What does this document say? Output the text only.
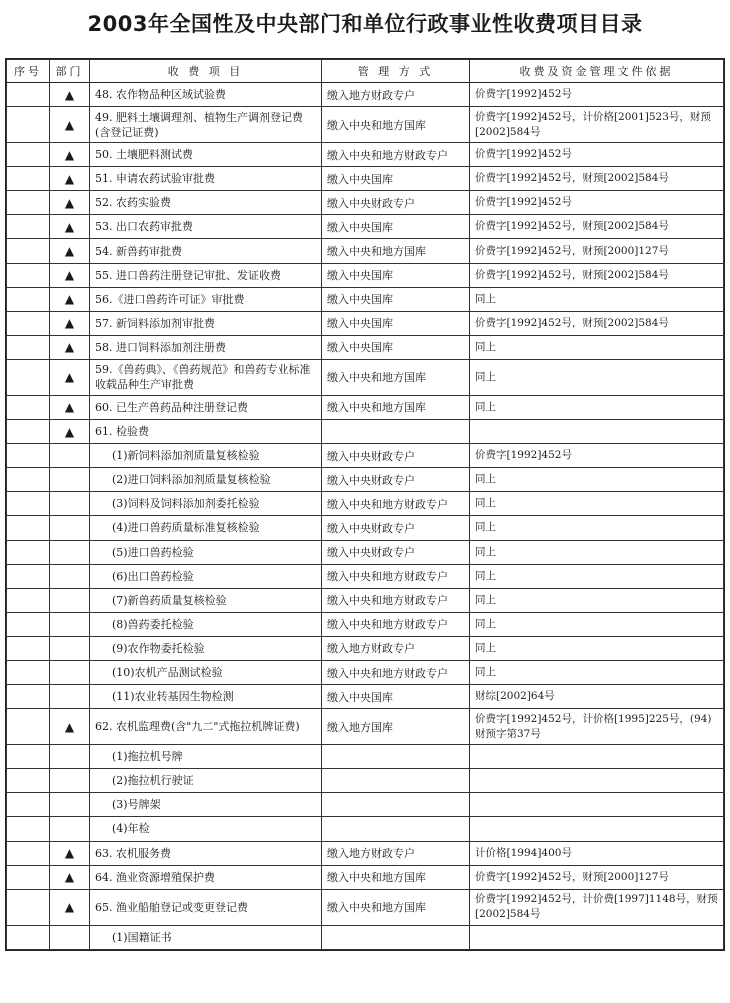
2003年全国性及中央部门和单位行政事业性收费项目目录
序号	部门	收 费 项 目	管 理 方 式	收费及资金管理文件依据
	▲	48. 农作物品种区域试验费	缴入地方财政专户	价费字[1992]452号
	▲	49. 肥料土壤调理剂、植物生产调剂登记费(含登记证费)	缴入中央和地方国库	价费字[1992]452号，计价格[2001]523号，财预[2002]584号
	▲	50. 土壤肥料测试费	缴入中央和地方财政专户	价费字[1992]452号
	▲	51. 申请农药试验审批费	缴入中央国库	价费字[1992]452号，财预[2002]584号
	▲	52. 农药实验费	缴入中央财政专户	价费字[1992]452号
	▲	53. 出口农药审批费	缴入中央国库	价费字[1992]452号，财预[2002]584号
	▲	54. 新兽药审批费	缴入中央和地方国库	价费字[1992]452号，财预[2000]127号
	▲	55. 进口兽药注册登记审批、发证收费	缴入中央国库	价费字[1992]452号，财预[2002]584号
	▲	56.《进口兽药许可证》审批费	缴入中央国库	同上
	▲	57. 新饲料添加剂审批费	缴入中央国库	价费字[1992]452号，财预[2002]584号
	▲	58. 进口饲料添加剂注册费	缴入中央国库	同上
	▲	59.《兽药典》、《兽药规范》和兽药专业标准收载品种生产审批费	缴入中央和地方国库	同上
	▲	60. 已生产兽药品种注册登记费	缴入中央和地方国库	同上
	▲	61. 检验费		
		(1)新饲料添加剂质量复核检验	缴入中央财政专户	价费字[1992]452号
		(2)进口饲料添加剂质量复核检验	缴入中央财政专户	同上
		(3)饲料及饲料添加剂委托检验	缴入中央和地方财政专户	同上
		(4)进口兽药质量标准复核检验	缴入中央财政专户	同上
		(5)进口兽药检验	缴入中央财政专户	同上
		(6)出口兽药检验	缴入中央和地方财政专户	同上
		(7)新兽药质量复核检验	缴入中央和地方财政专户	同上
		(8)兽药委托检验	缴入中央和地方财政专户	同上
		(9)农作物委托检验	缴入地方财政专户	同上
		(10)农机产品测试检验	缴入中央和地方财政专户	同上
		(11)农业转基因生物检测	缴入中央国库	财综[2002]64号
	▲	62. 农机监理费(含"九二"式拖拉机牌证费)	缴入地方国库	价费字[1992]452号，计价格[1995]225号，(94)财预字第37号
		(1)拖拉机号牌		
		(2)拖拉机行驶证		
		(3)号牌架		
		(4)年检		
	▲	63. 农机服务费	缴入地方财政专户	计价格[1994]400号
	▲	64. 渔业资源增殖保护费	缴入中央和地方国库	价费字[1992]452号，财预[2000]127号
	▲	65. 渔业船舶登记或变更登记费	缴入中央和地方国库	价费字[1992]452号，计价费[1997]1148号，财预[2002]584号
		(1)国籍证书		
